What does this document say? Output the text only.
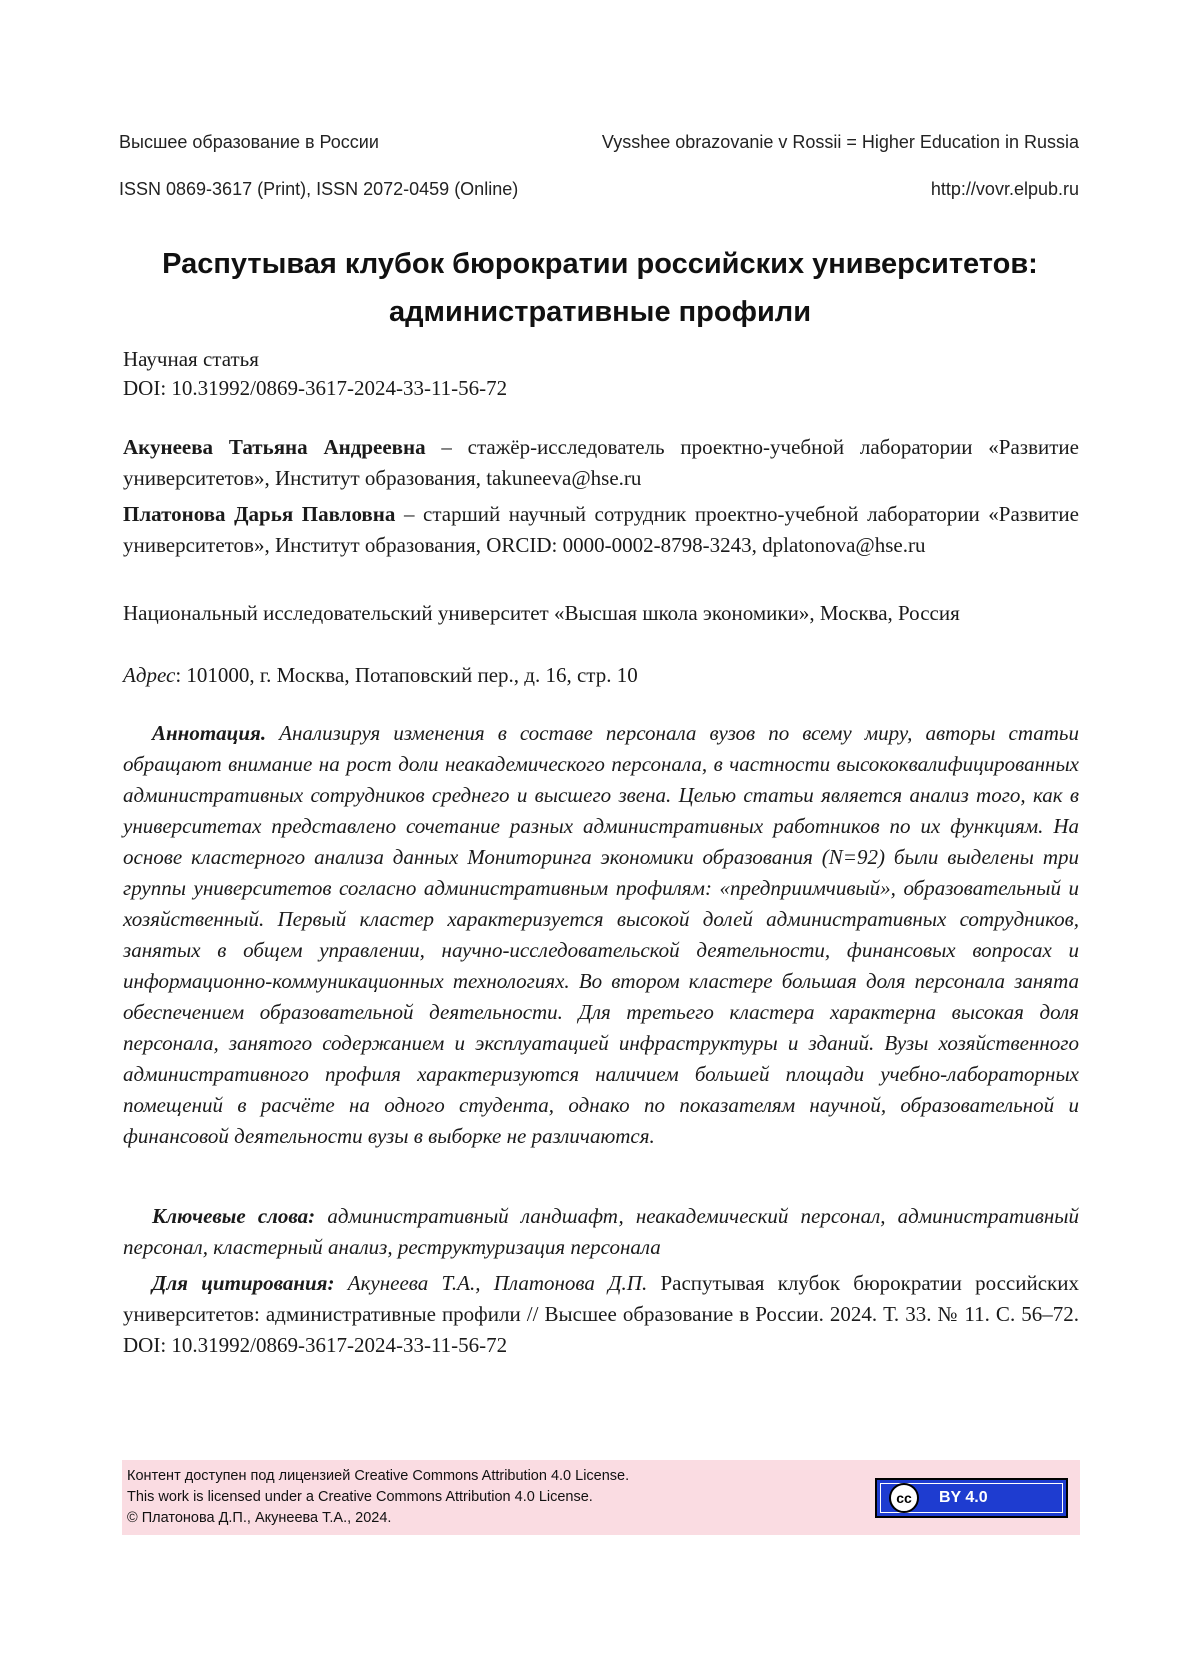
Высшее образование в России	Vysshee obrazovanie v Rossii = Higher Education in Russia
ISSN 0869-3617 (Print), ISSN 2072-0459 (Online)	http://vovr.elpub.ru
Распутывая клубок бюрократии российских университетов:
административные профили
Научная статья
DOI: 10.31992/0869-3617-2024-33-11-56-72
Акунеева Татьяна Андреевна – стажёр-исследователь проектно-учебной лаборатории «Развитие университетов», Институт образования, takuneeva@hse.ru
Платонова Дарья Павловна – старший научный сотрудник проектно-учебной лаборатории «Развитие университетов», Институт образования, ORCID: 0000-0002-8798-3243, dplatonova@hse.ru
Национальный исследовательский университет «Высшая школа экономики», Москва, Россия
Адрес: 101000, г. Москва, Потаповский пер., д. 16, стр. 10
Аннотация. Анализируя изменения в составе персонала вузов по всему миру, авторы статьи обращают внимание на рост доли неакадемического персонала, в частности высококвалифицированных административных сотрудников среднего и высшего звена. Целью статьи является анализ того, как в университетах представлено сочетание разных административных работников по их функциям. На основе кластерного анализа данных Мониторинга экономики образования (N=92) были выделены три группы университетов согласно административным профилям: «предприимчивый», образовательный и хозяйственный. Первый кластер характеризуется высокой долей административных сотрудников, занятых в общем управлении, научно-исследовательской деятельности, финансовых вопросах и информационно-коммуникационных технологиях. Во втором кластере большая доля персонала занята обеспечением образовательной деятельности. Для третьего кластера характерна высокая доля персонала, занятого содержанием и эксплуатацией инфраструктуры и зданий. Вузы хозяйственного административного профиля характеризуются наличием большей площади учебно-лабораторных помещений в расчёте на одного студента, однако по показателям научной, образовательной и финансовой деятельности вузы в выборке не различаются.
Ключевые слова: административный ландшафт, неакадемический персонал, административный персонал, кластерный анализ, реструктуризация персонала
Для цитирования: Акунеева Т.А., Платонова Д.П. Распутывая клубок бюрократии российских университетов: административные профили // Высшее образование в России. 2024. Т. 33. № 11. С. 56–72. DOI: 10.31992/0869-3617-2024-33-11-56-72
Контент доступен под лицензией Creative Commons Attribution 4.0 License.
This work is licensed under a Creative Commons Attribution 4.0 License.
© Платонова Д.П., Акунеева Т.А., 2024.
cc	BY 4.0
